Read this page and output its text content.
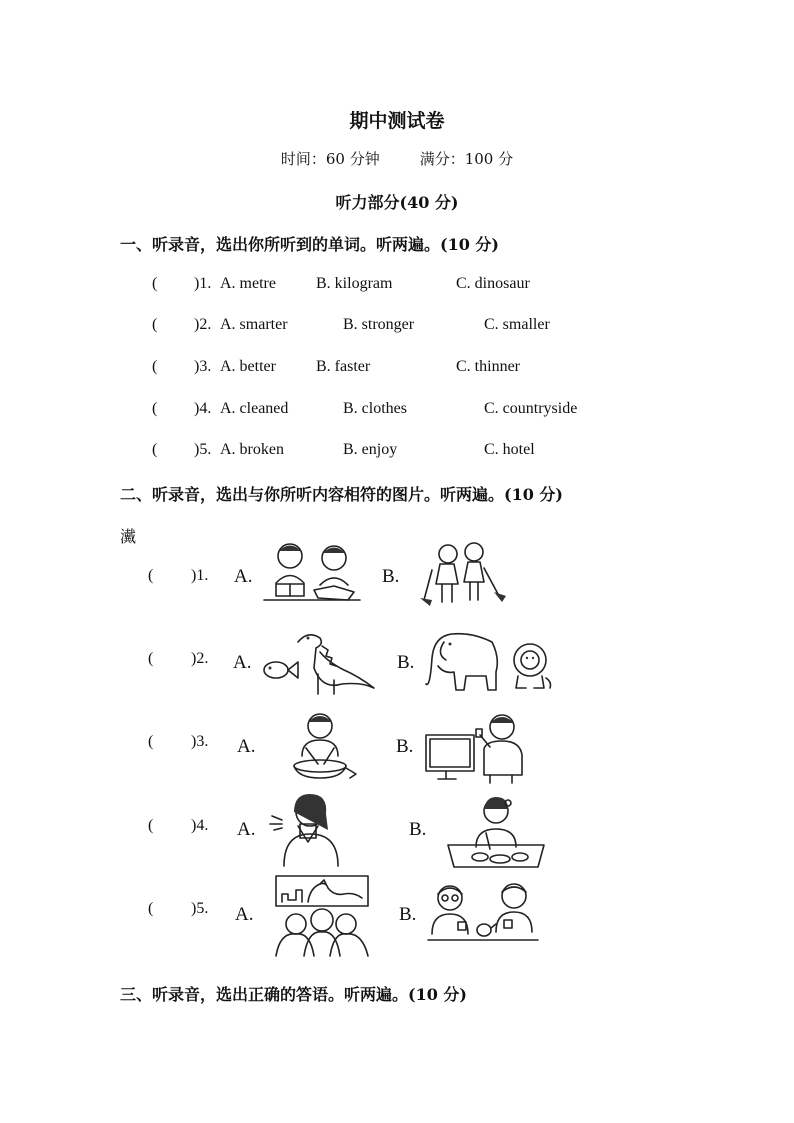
期中测试卷
时间：60 分钟	满分：100 分
听力部分(40 分)
一、听录音，选出你所听到的单词。听两遍。(10 分)
( )1. A. metre	B. kilogram	C. dinosaur
( )2. A. smarter	B. stronger	C. smaller
( )3. A. better	B. faster	C. thinner
( )4. A. cleaned	B. clothes	C. countryside
( )5. A. broken	B. enjoy	C. hotel
二、听录音，选出与你所听内容相符的图片。听两遍。(10 分)
瀻
( )1. A.	B.
( )2. A.	B.
( )3. A.	B.
( )4. A.	B.
( )5. A.	B.
三、听录音，选出正确的答语。听两遍。(10 分)
